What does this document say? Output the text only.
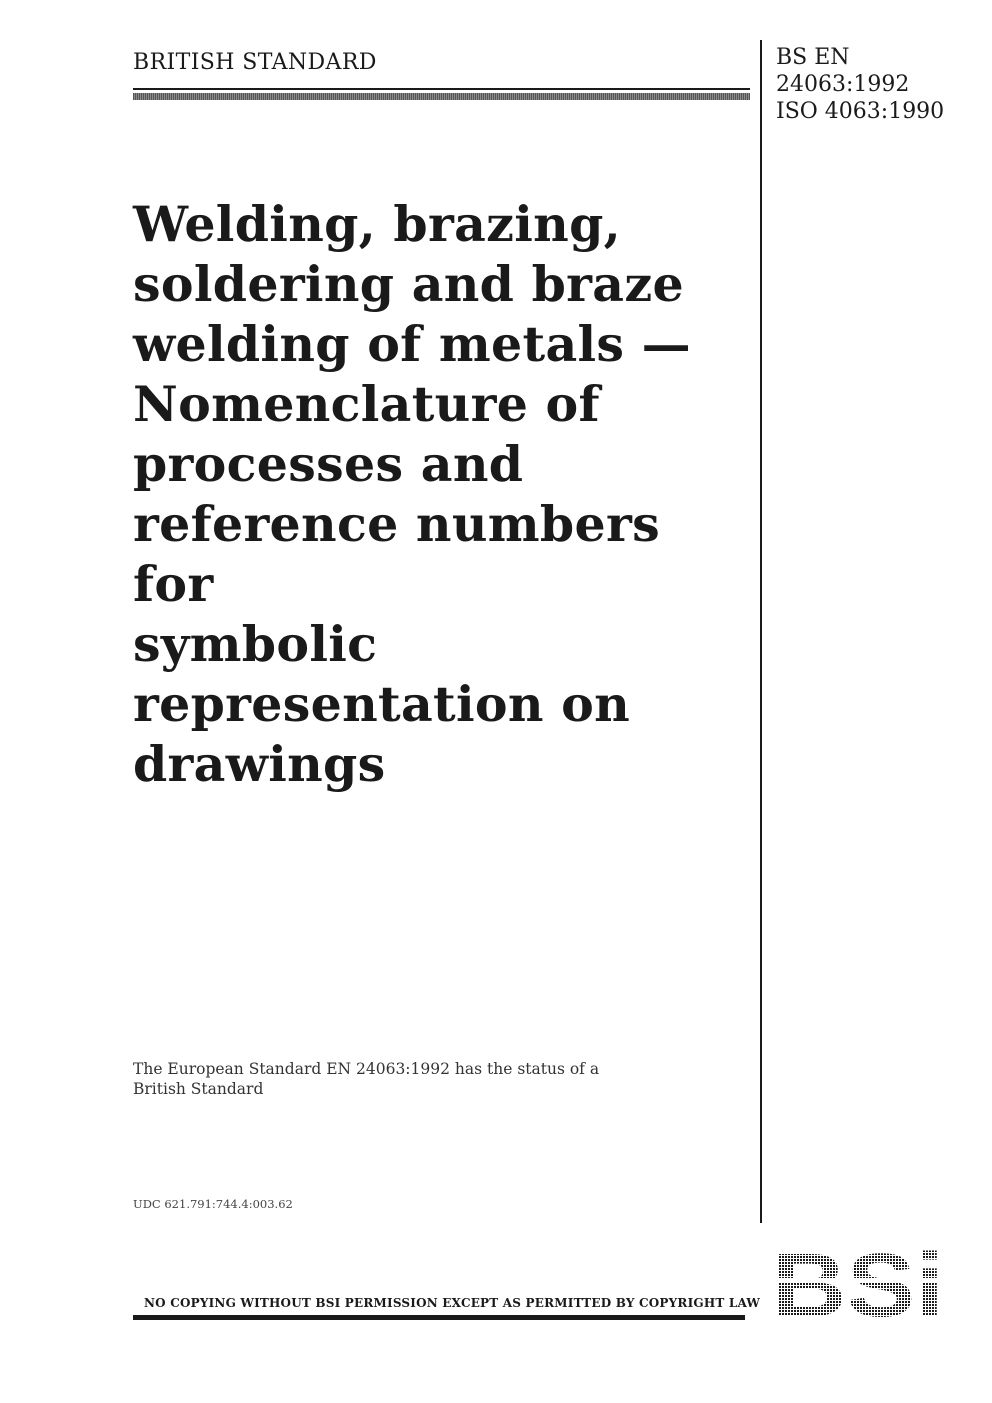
BRITISH STANDARD	BS EN
24063:1992
ISO 4063:1990
Welding, brazing,
soldering and braze
welding of metals —
Nomenclature of
processes and
reference numbers for
symbolic
representation on
drawings
The European Standard EN 24063:1992 has the status of a
British Standard
UDC 621.791:744.4:003.62
NO COPYING WITHOUT BSI PERMISSION EXCEPT AS PERMITTED BY COPYRIGHT LAW
